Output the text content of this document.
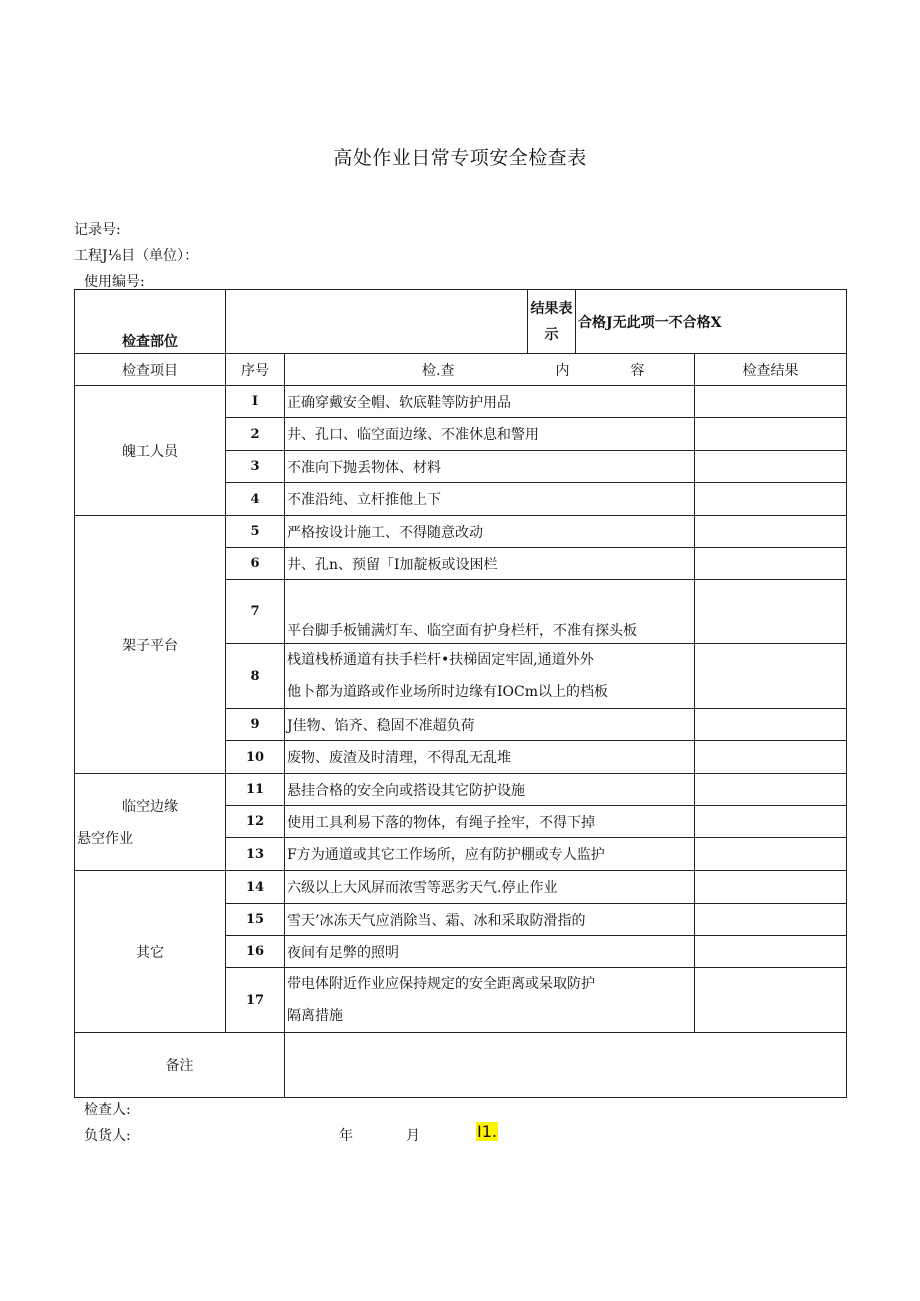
高处作业日常专项安全检查表
记录号:
工程J⅛目（单位）：
使用编号:
检查部位			结果表示	合格J无此项一不合格X	
检查项目	序号	检.查 内 容			检查结果
魄工人员	I	正确穿戴安全帽、软底鞋等防护用品			
	2	井、孔口、临空面边缘、不准休息和警用			
	3	不准向下抛丢物体、材料			
	4	不准沿纯、立杆推他上下			
架子平台	5	严格按设计施工、不得随意改动			
	6	井、孔n、预留「I加靛板或设困栏			
	7	平台脚手板铺满灯车、临空面有护身栏杆，不准有探头板			
	8	栈道栈桥通道有扶手栏杆•扶梯固定牢固,通道外外
他卜都为道路或作业场所时边缘有IOCm以上的档板			

	9	J佳物、馅齐、稳固不准超负荷			
	10	废物、废渣及时清理，不得乱无乱堆			

临空边缘
悬空作业	11	悬挂合格的安全向或搭设其它防护设施			
	12	使用工具利易下落的物体，有绳子拴牢，不得下掉			
	13	F方为通道或其它工作场所，应有防护棚或专人监护			
其它	14	六级以上大风屏而浓雪等恶劣天气.停止作业			
	15	雪天’冰冻天气应消除当、霜、冰和采取防滑指的			
	16	夜间有足弊的照明			
	17	带电体附近作业应保持规定的安全距离或呆取防护
隔离措施			

备注					
检查人:
负货人:	年	月	I1.
